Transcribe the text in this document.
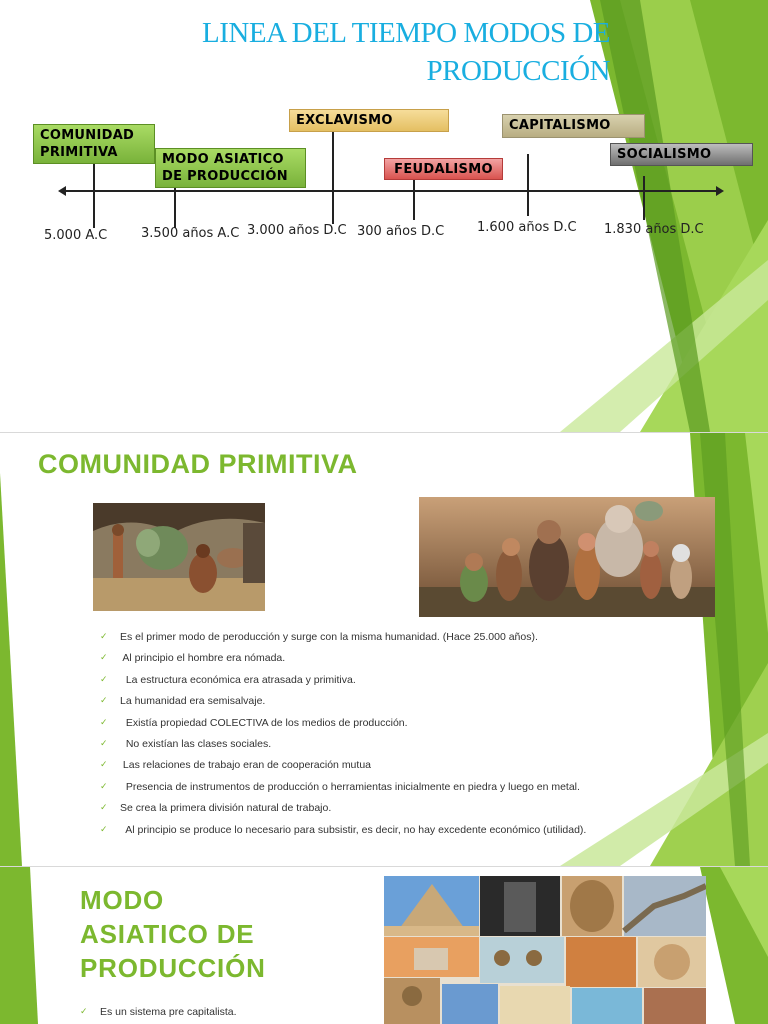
LINEA DEL TIEMPO MODOS DE
PRODUCCIÓN
COMUNIDAD
PRIMITIVA	MODO ASIATICO
DE PRODUCCIÓN
EXCLAVISMO
FEUDALISMO
CAPITALISMO
SOCIALISMO
5.000 A.C	3.500 años A.C 3.000 años D.C 300 años D.C	1.600 años D.C 1.830 años D.C
COMUNIDAD PRIMITIVA
✓ Es el primer modo de peroducción y surge con la misma humanidad. (Hace 25.000 años).
✓ Al principio el hombre era nómada.
✓ La estructura económica era atrasada y primitiva.
✓ La humanidad era semisalvaje.
✓ Existía propiedad COLECTIVA de los medios de producción.
✓ No existían las clases sociales.
✓ Las relaciones de trabajo eran de cooperación mutua
✓ Presencia de instrumentos de producción o herramientas inicialmente en piedra y luego en metal.
✓ Se crea la primera división natural de trabajo.
✓ Al principio se produce lo necesario para subsistir, es decir, no hay excedente económico (utilidad).
MODO
ASIATICO DE
PRODUCCIÓN
✓ Es un sistema pre capitalista.
